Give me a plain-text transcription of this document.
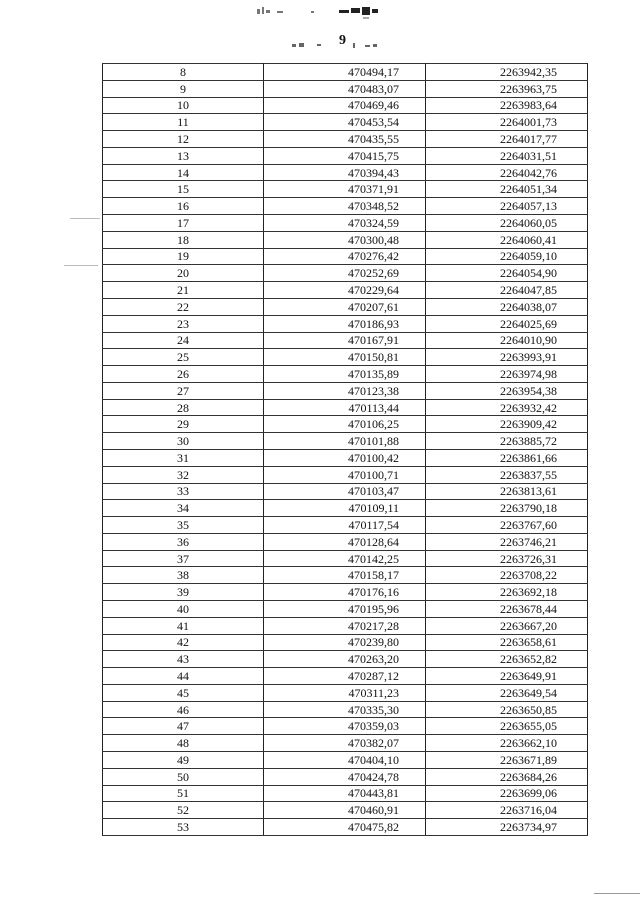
9
8	470494,17	2263942,35
9	470483,07	2263963,75
10	470469,46	2263983,64
11	470453,54	2264001,73
12	470435,55	2264017,77
13	470415,75	2264031,51
14	470394,43	2264042,76
15	470371,91	2264051,34
16	470348,52	2264057,13
17	470324,59	2264060,05
18	470300,48	2264060,41
19	470276,42	2264059,10
20	470252,69	2264054,90
21	470229,64	2264047,85
22	470207,61	2264038,07
23	470186,93	2264025,69
24	470167,91	2264010,90
25	470150,81	2263993,91
26	470135,89	2263974,98
27	470123,38	2263954,38
28	470113,44	2263932,42
29	470106,25	2263909,42
30	470101,88	2263885,72
31	470100,42	2263861,66
32	470100,71	2263837,55
33	470103,47	2263813,61
34	470109,11	2263790,18
35	470117,54	2263767,60
36	470128,64	2263746,21
37	470142,25	2263726,31
38	470158,17	2263708,22
39	470176,16	2263692,18
40	470195,96	2263678,44
41	470217,28	2263667,20
42	470239,80	2263658,61
43	470263,20	2263652,82
44	470287,12	2263649,91
45	470311,23	2263649,54
46	470335,30	2263650,85
47	470359,03	2263655,05
48	470382,07	2263662,10
49	470404,10	2263671,89
50	470424,78	2263684,26
51	470443,81	2263699,06
52	470460,91	2263716,04
53	470475,82	2263734,97
